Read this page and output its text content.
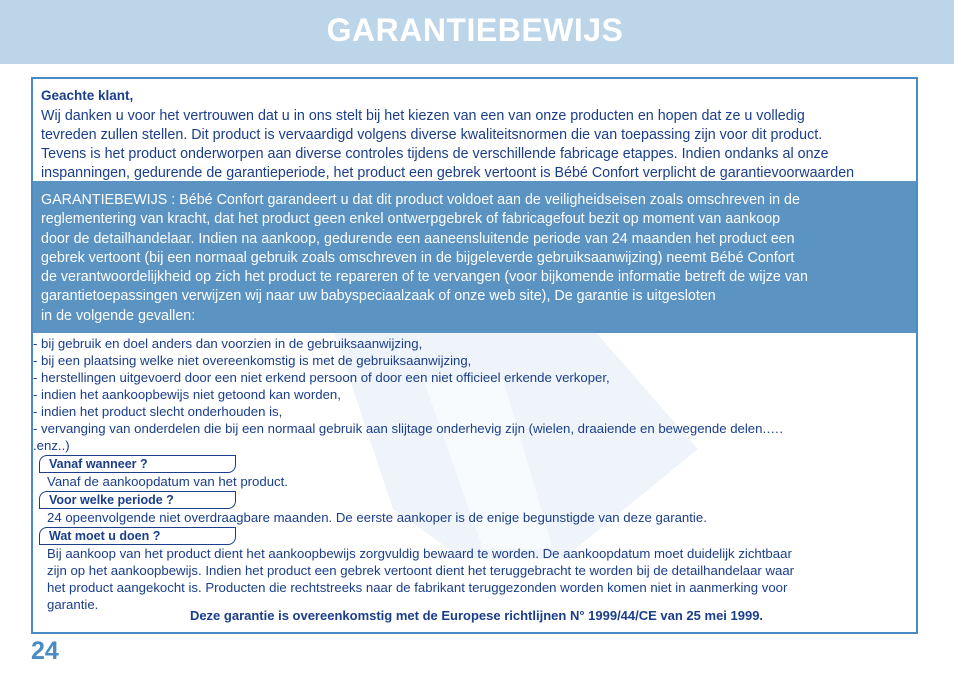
GARANTIEBEWIJS
Geachte klant,
Wij danken u voor het vertrouwen dat u in ons stelt bij het kiezen van een van onze producten en hopen dat ze u volledig
tevreden zullen stellen. Dit product is vervaardigd volgens diverse kwaliteitsnormen die van toepassing zijn voor dit product.
Tevens is het product onderworpen aan diverse controles tijdens de verschillende fabricage etappes. Indien ondanks al onze
inspanningen, gedurende de garantieperiode, het product een gebrek vertoont is Bébé Confort verplicht de garantievoorwaarden
GARANTIEBEWIJS : Bébé Confort garandeert u dat dit product voldoet aan de veiligheidseisen zoals omschreven in de
reglementering van kracht, dat het product geen enkel ontwerpgebrek of fabricagefout bezit op moment van aankoop
door de detailhandelaar. Indien na aankoop, gedurende een aaneensluitende periode van 24 maanden het product een
gebrek vertoont (bij een normaal gebruik zoals omschreven in de bijgeleverde gebruiksaanwijzing) neemt Bébé Confort
de verantwoordelijkheid op zich het product te repareren of te vervangen (voor bijkomende informatie betreft de wijze van
garantietoepassingen verwijzen wij naar uw babyspeciaalzaak of onze web site), De garantie is uitgesloten
in de volgende gevallen:
- bij gebruik en doel anders dan voorzien in de gebruiksaanwijzing,
- bij een plaatsing welke niet overeenkomstig is met de gebruiksaanwijzing,
- herstellingen uitgevoerd door een niet erkend persoon of door een niet officieel erkende verkoper,
- indien het aankoopbewijs niet getoond kan worden,
- indien het product slecht onderhouden is,
- vervanging van onderdelen die bij een normaal gebruik aan slijtage onderhevig zijn (wielen, draaiende en bewegende delen.….
.enz..)
Vanaf wanneer ?
Vanaf de aankoopdatum van het product.
Voor welke periode ?
24 opeenvolgende niet overdraagbare maanden. De eerste aankoper is de enige begunstigde van deze garantie.
Wat moet u doen ?
Bij aankoop van het product dient het aankoopbewijs zorgvuldig bewaard te worden. De aankoopdatum moet duidelijk zichtbaar
zijn op het aankoopbewijs. Indien het product een gebrek vertoont dient het teruggebracht te worden bij de detailhandelaar waar
het product aangekocht is. Producten die rechtstreeks naar de fabrikant teruggezonden worden komen niet in aanmerking voor
garantie.
Deze garantie is overeenkomstig met de Europese richtlijnen N° 1999/44/CE van 25 mei 1999.
24
